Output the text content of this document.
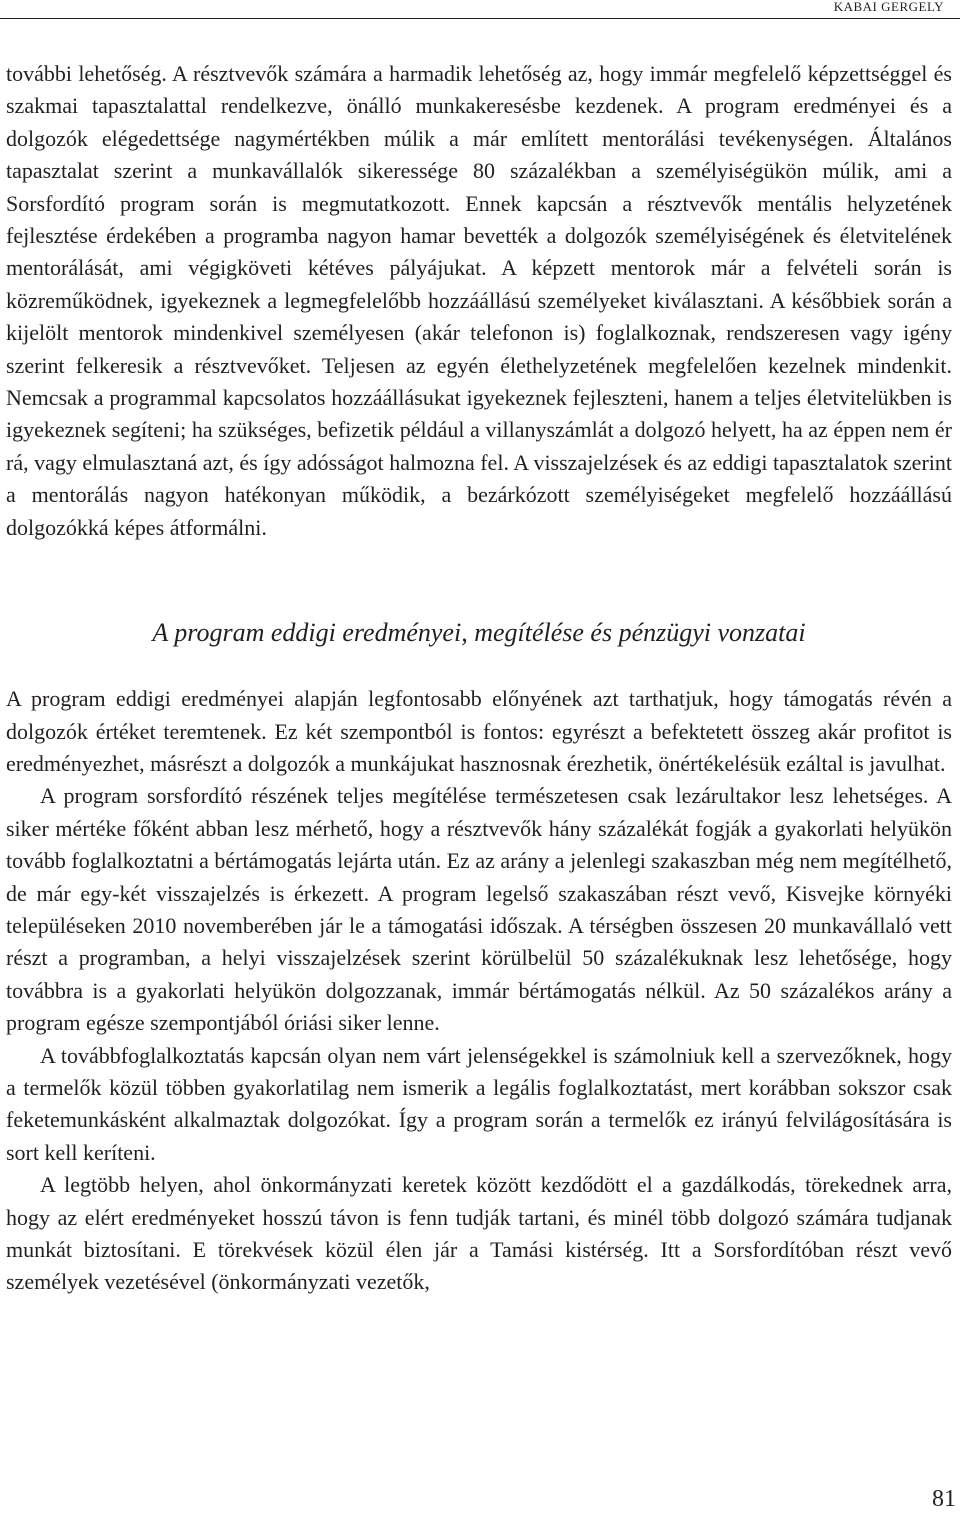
KABAI GERGELY

további lehetőség. A résztvevők számára a harmadik lehetőség az, hogy immár megfelelő képzettséggel és szakmai tapasztalattal rendelkezve, önálló munkakeresésbe kezdenek. A program eredményei és a dolgozók elégedettsége nagymértékben múlik a már említett mentorálási tevékenységen. Általános tapasztalat szerint a munkavállalók sikeressége 80 százalékban a személyiségükön múlik, ami a Sorsfordító program során is megmutatkozott. Ennek kapcsán a résztvevők mentális helyzetének fejlesztése érdekében a programba nagyon hamar bevették a dolgozók személyiségének és életvitelének mentorálását, ami végigköveti kétéves pályájukat. A képzett mentorok már a felvételi során is közreműködnek, igyekeznek a legmegfelelőbb hozzáállású személyeket kiválasztani. A későbbiek során a kijelölt mentorok mindenkivel személyesen (akár telefonon is) foglalkoznak, rendszeresen vagy igény szerint felkeresik a résztvevőket. Teljesen az egyén élethelyzetének megfelelően kezelnek mindenkit. Nemcsak a programmal kapcsolatos hozzáállásukat igyekeznek fejleszteni, hanem a teljes életvitelükben is igyekeznek segíteni; ha szükséges, befizetik például a villanyszámlát a dolgozó helyett, ha az éppen nem ér rá, vagy elmulasztaná azt, és így adósságot halmozna fel. A visszajelzések és az eddigi tapasztalatok szerint a mentorálás nagyon hatékonyan működik, a bezárkózott személyiségeket megfelelő hozzáállású dolgozókká képes átformálni.

A program eddigi eredményei, megítélése és pénzügyi vonzatai

A program eddigi eredményei alapján legfontosabb előnyének azt tarthatjuk, hogy támogatás révén a dolgozók értéket teremtenek. Ez két szempontból is fontos: egyrészt a befektetett összeg akár profitot is eredményezhet, másrészt a dolgozók a munkájukat hasznosnak érezhetik, önértékelésük ezáltal is javulhat.

A program sorsfordító részének teljes megítélése természetesen csak lezárultakor lesz lehetséges. A siker mértéke főként abban lesz mérhető, hogy a résztvevők hány százalékát fogják a gyakorlati helyükön tovább foglalkoztatni a bértámogatás lejárta után. Ez az arány a jelenlegi szakaszban még nem megítélhető, de már egy-két visszajelzés is érkezett. A program legelső szakaszában részt vevő, Kisvejke környéki településeken 2010 novemberében jár le a támogatási időszak. A térségben összesen 20 munkavállaló vett részt a programban, a helyi visszajelzések szerint körülbelül 50 százalékuknak lesz lehetősége, hogy továbbra is a gyakorlati helyükön dolgozzanak, immár bértámogatás nélkül. Az 50 százalékos arány a program egésze szempontjából óriási siker lenne.

A továbbfoglalkoztatás kapcsán olyan nem várt jelenségekkel is számolniuk kell a szervezőknek, hogy a termelők közül többen gyakorlatilag nem ismerik a legális foglalkoztatást, mert korábban sokszor csak feketemunkásként alkalmaztak dolgozókat. Így a program során a termelők ez irányú felvilágosítására is sort kell keríteni.

A legtöbb helyen, ahol önkormányzati keretek között kezdődött el a gazdálkodás, törekednek arra, hogy az elért eredményeket hosszú távon is fenn tudják tartani, és minél több dolgozó számára tudjanak munkát biztosítani. E törekvések közül élen jár a Tamási kistérség. Itt a Sorsfordítóban részt vevő személyek vezetésével (önkormányzati vezetők,

81
